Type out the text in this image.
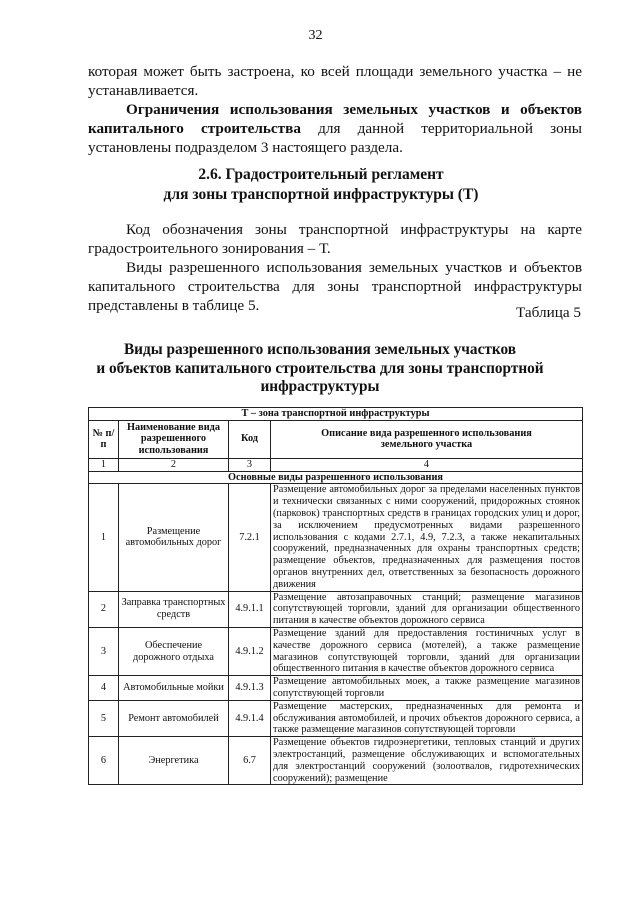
32
которая может быть застроена, ко всей площади земельного участка – не
устанавливается.
Ограничения использования земельных участков и объектов
капитального строительства для данной территориальной зоны
установлены подразделом 3 настоящего раздела.
2.6. Градостроительный регламент
для зоны транспортной инфраструктуры (Т)
Код обозначения зоны транспортной инфраструктуры на карте
градостроительного зонирования – Т.
Виды разрешенного использования земельных участков и объектов
капитального строительства для зоны транспортной инфраструктуры
представлены в таблице 5.	Таблица 5
Виды разрешенного использования земельных участков
и объектов капитального строительства для зоны транспортной
инфраструктуры
Т – зона транспортной инфраструктуры			
№ п/п	Наименование вида разрешенного использования	Код	Описание вида разрешенного использования земельного участка
1	2	3	4
Основные виды разрешенного использования			
1	Размещение автомобильных дорог	7.2.1	Размещение автомобильных дорог за пределами населенных пунктов и технически связанных с ними сооружений, придорожных стоянок (парковок) транспортных средств в границах городских улиц и дорог, за исключением предусмотренных видами разрешенного использования с кодами 2.7.1, 4.9, 7.2.3, а также некапитальных сооружений, предназначенных для охраны транспортных средств; размещение объектов, предназначенных для размещения постов органов внутренних дел, ответственных за безопасность дорожного движения
2	Заправка транспортных средств	4.9.1.1	Размещение автозаправочных станций; размещение магазинов сопутствующей торговли, зданий для организации общественного питания в качестве объектов дорожного сервиса
3	Обеспечение дорожного отдыха	4.9.1.2	Размещение зданий для предоставления гостиничных услуг в качестве дорожного сервиса (мотелей), а также размещение магазинов сопутствующей торговли, зданий для организации общественного питания в качестве объектов дорожного сервиса
4	Автомобильные мойки	4.9.1.3	Размещение автомобильных моек, а также размещение магазинов сопутствующей торговли
5	Ремонт автомобилей	4.9.1.4	Размещение мастерских, предназначенных для ремонта и обслуживания автомобилей, и прочих объектов дорожного сервиса, а также размещение магазинов сопутствующей торговли
6	Энергетика	6.7	Размещение объектов гидроэнергетики, тепловых станций и других электростанций, размещение обслуживающих и вспомогательных для электростанций сооружений (золоотвалов, гидротехнических сооружений); размещение
